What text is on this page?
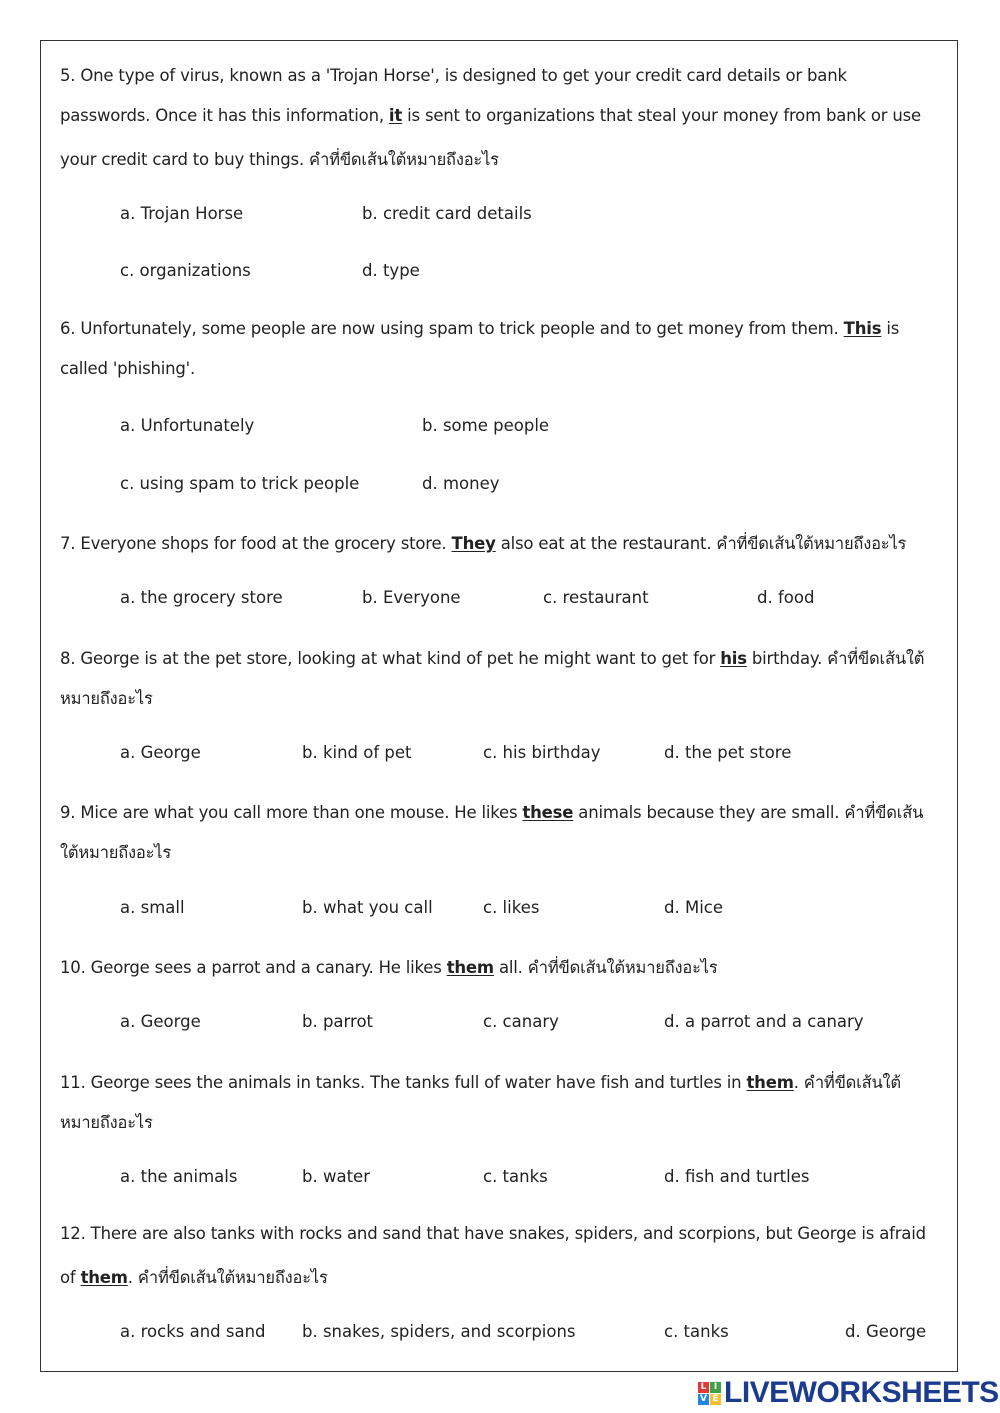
5. One type of virus, known as a 'Trojan Horse', is designed to get your credit card details or bank
passwords. Once it has this information, it is sent to organizations that steal your money from bank or use
your credit card to buy things. คำที่ขีดเส้นใต้หมายถึงอะไร
a. Trojan Horse	b. credit card details
c. organizations	d. type
6. Unfortunately, some people are now using spam to trick people and to get money from them. This is
called 'phishing'.
a. Unfortunately	b. some people
c. using spam to trick people	d. money
7. Everyone shops for food at the grocery store. They also eat at the restaurant. คำที่ขีดเส้นใต้หมายถึงอะไร
a. the grocery store	b. Everyone	c. restaurant	d. food
8. George is at the pet store, looking at what kind of pet he might want to get for his birthday. คำที่ขีดเส้นใต้
หมายถึงอะไร
a. George	b. kind of pet	c. his birthday	d. the pet store
9. Mice are what you call more than one mouse. He likes these animals because they are small. คำที่ขีดเส้น
ใต้หมายถึงอะไร
a. small	b. what you call	c. likes	d. Mice
10. George sees a parrot and a canary. He likes them all. คำที่ขีดเส้นใต้หมายถึงอะไร
a. George	b. parrot	c. canary	d. a parrot and a canary
11. George sees the animals in tanks. The tanks full of water have fish and turtles in them. คำที่ขีดเส้นใต้
หมายถึงอะไร
a. the animals	b. water	c. tanks	d. fish and turtles
12. There are also tanks with rocks and sand that have snakes, spiders, and scorpions, but George is afraid
of them. คำที่ขีดเส้นใต้หมายถึงอะไร
a. rocks and sand b. snakes, spiders, and scorpions	c. tanks	d. George
L I
V E LIVEWORKSHEETS
